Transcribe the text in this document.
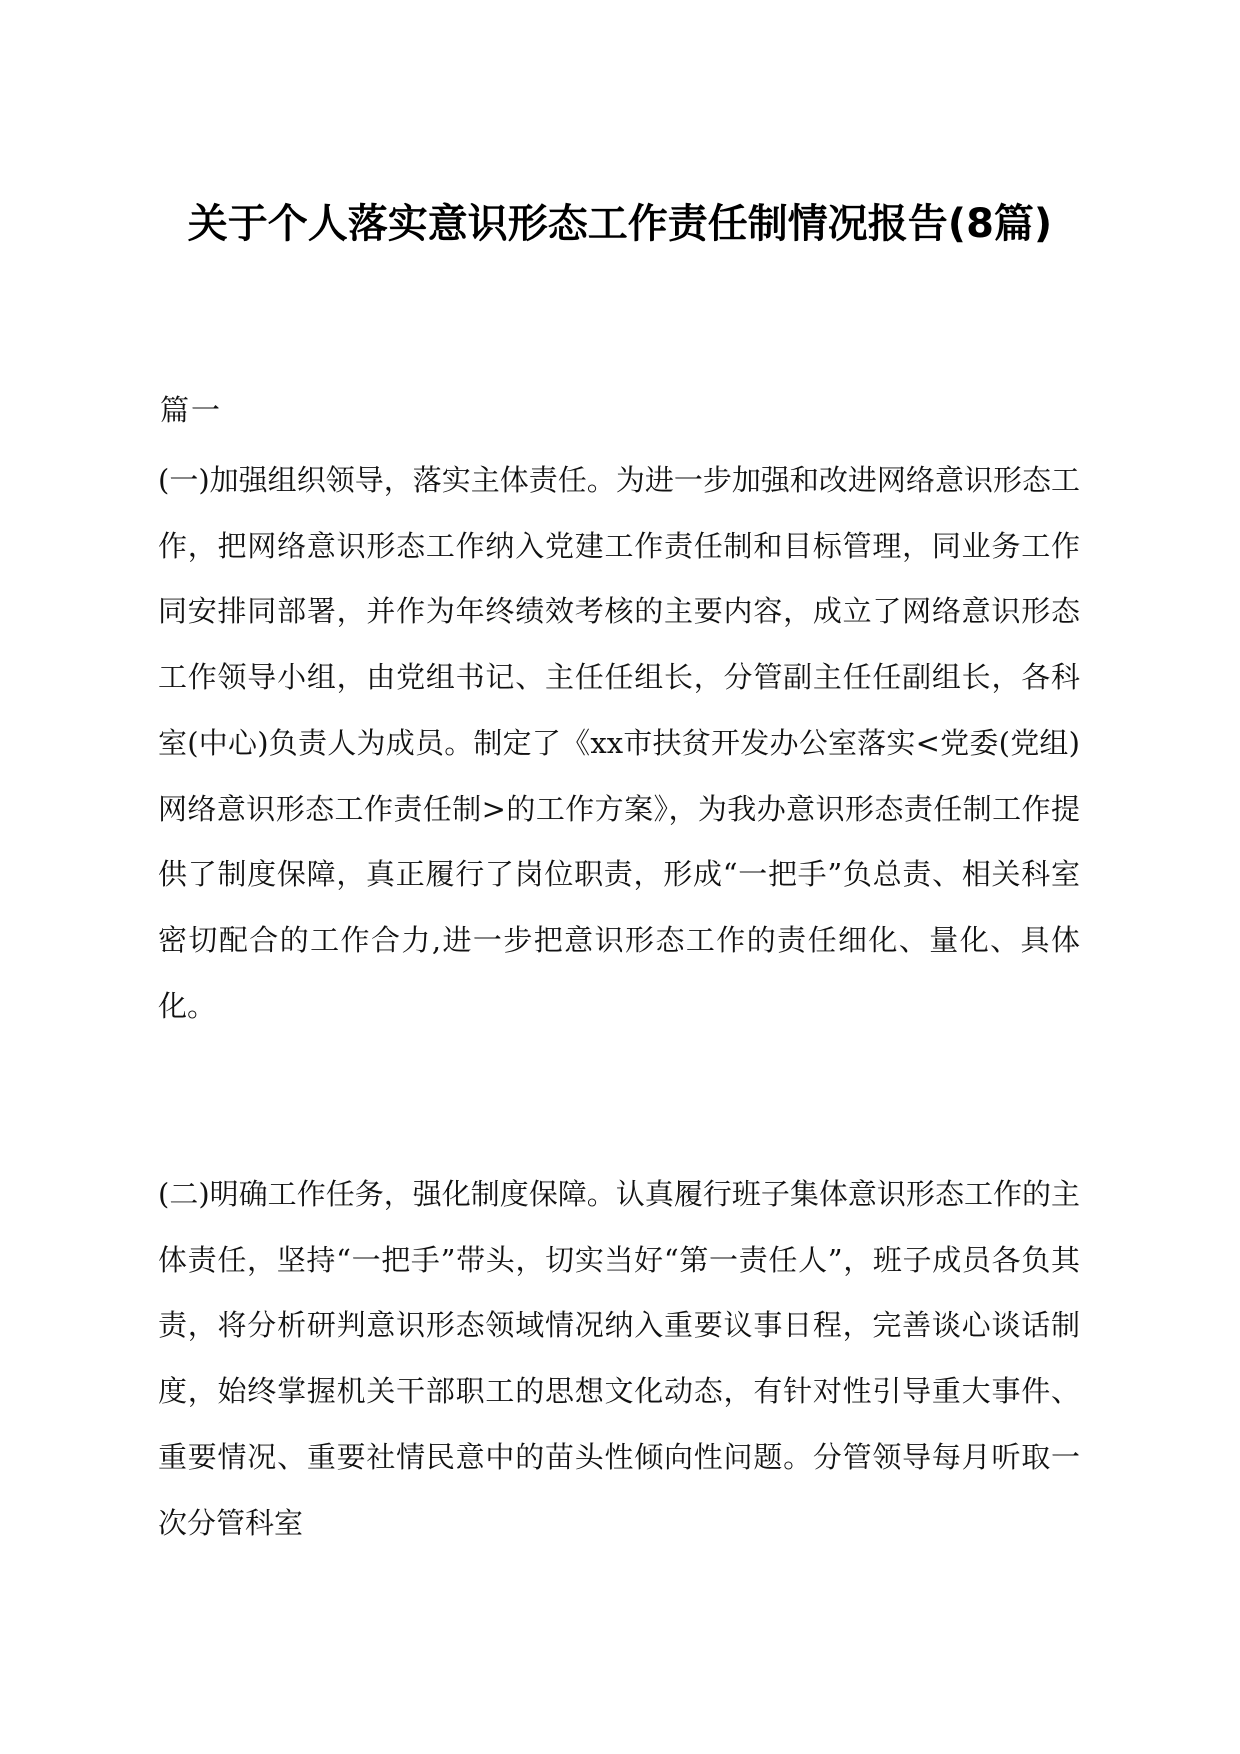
关于个人落实意识形态工作责任制情况报告(8篇)
篇一

(一)加强组织领导，落实主体责任。为进一步加强和改进网络意识形态工作，把网络意识形态工作纳入党建工作责任制和目标管理，同业务工作同安排同部署，并作为年终绩效考核的主要内容，成立了网络意识形态工作领导小组，由党组书记、主任任组长，分管副主任任副组长，各科室(中心)负责人为成员。制定了《xx市扶贫开发办公室落实<党委(党组)网络意识形态工作责任制>的工作方案》，为我办意识形态责任制工作提供了制度保障，真正履行了岗位职责，形成“一把手”负总责、相关科室密切配合的工作合力,进一步把意识形态工作的责任细化、量化、具体化。

(二)明确工作任务，强化制度保障。认真履行班子集体意识形态工作的主体责任，坚持“一把手”带头，切实当好“第一责任人”，班子成员各负其责，将分析研判意识形态领域情况纳入重要议事日程，完善谈心谈话制度，始终掌握机关干部职工的思想文化动态，有针对性引导重大事件、重要情况、重要社情民意中的苗头性倾向性问题。分管领导每月听取一次分管科室
